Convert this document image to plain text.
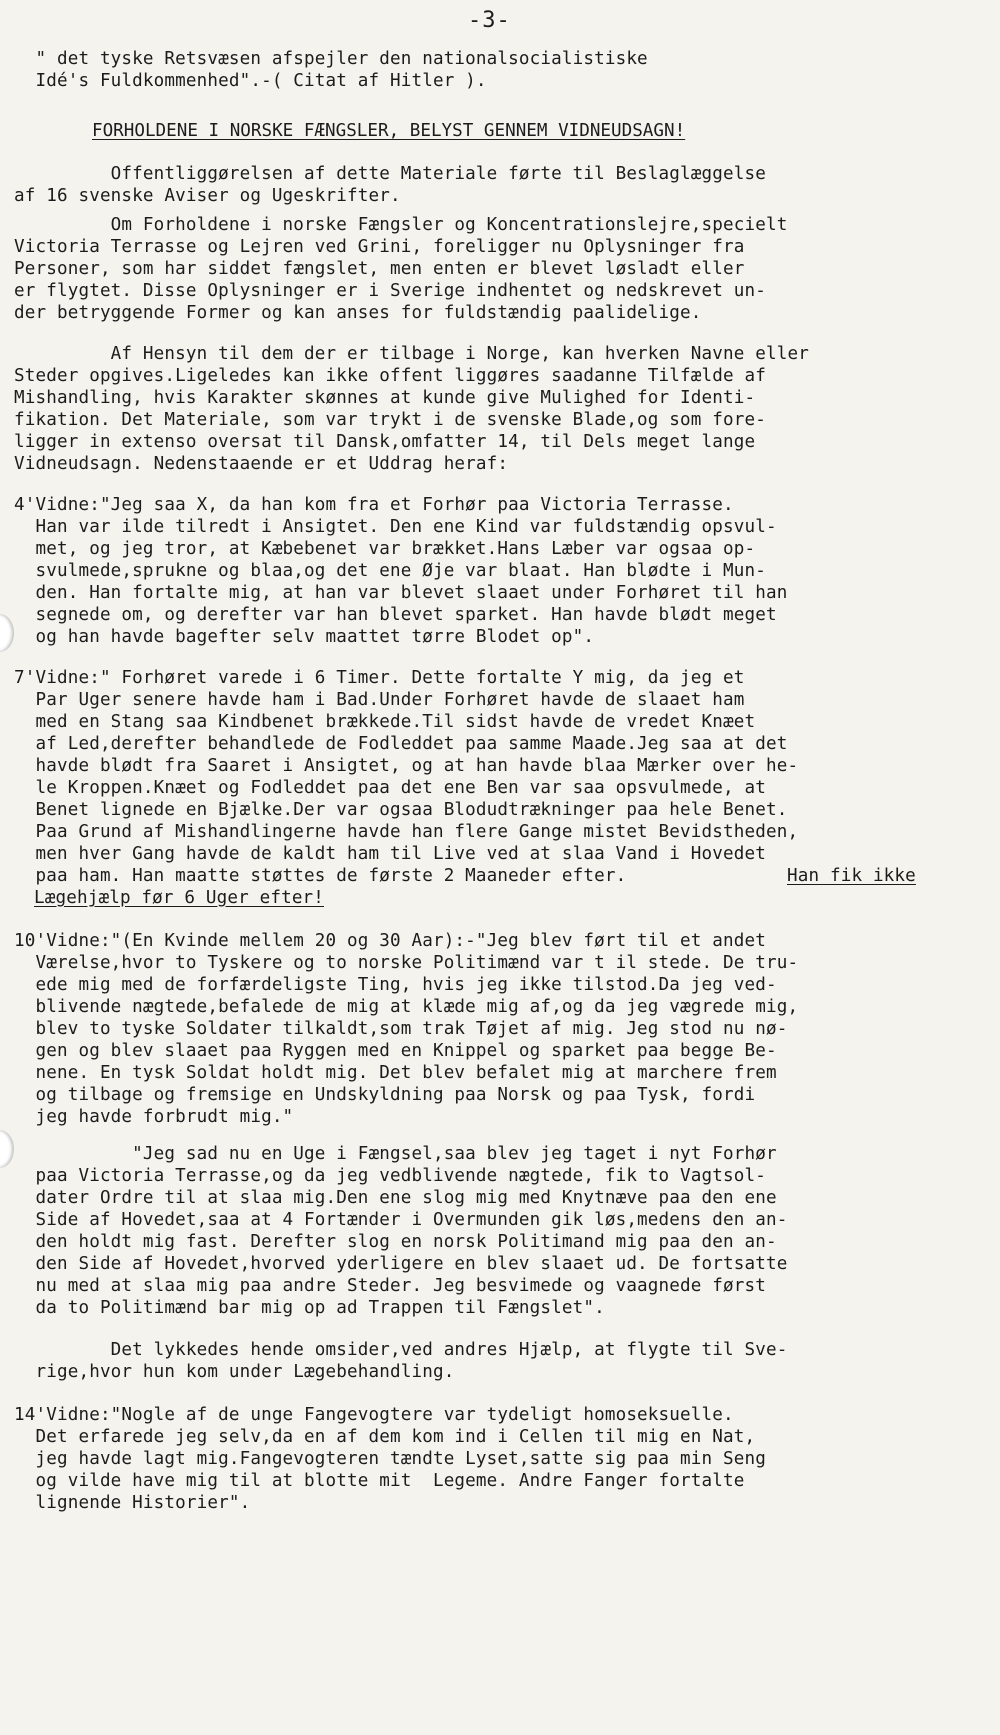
-3-
" det tyske Retsvæsen afspejler den nationalsocialistiske
Idé's Fuldkommenhed".-( Citat af Hitler ).
FORHOLDENE I NORSKE FÆNGSLER, BELYST GENNEM VIDNEUDSAGN!
Offentliggørelsen af dette Materiale førte til Beslaglæggelse
af 16 svenske Aviser og Ugeskrifter.
Om Forholdene i norske Fængsler og Koncentrationslejre,specielt
Victoria Terrasse og Lejren ved Grini, foreligger nu Oplysninger fra
Personer, som har siddet fængslet, men enten er blevet løsladt eller
er flygtet. Disse Oplysninger er i Sverige indhentet og nedskrevet un-
der betryggende Former og kan anses for fuldstændig paalidelige.
Af Hensyn til dem der er tilbage i Norge, kan hverken Navne eller
Steder opgives.Ligeledes kan ikke offent liggøres saadanne Tilfælde af
Mishandling, hvis Karakter skønnes at kunde give Mulighed for Identi-
fikation. Det Materiale, som var trykt i de svenske Blade,og som fore-
ligger in extenso oversat til Dansk,omfatter 14, til Dels meget lange
Vidneudsagn. Nedenstaaende er et Uddrag heraf:
4'Vidne:"Jeg saa X, da han kom fra et Forhør paa Victoria Terrasse.
Han var ilde tilredt i Ansigtet. Den ene Kind var fuldstændig opsvul-
met, og jeg tror, at Kæbebenet var brækket.Hans Læber var ogsaa op-
svulmede,sprukne og blaa,og det ene Øje var blaat. Han blødte i Mun-
den. Han fortalte mig, at han var blevet slaaet under Forhøret til han
segnede om, og derefter var han blevet sparket. Han havde blødt meget
og han havde bagefter selv maattet tørre Blodet op".
7'Vidne:" Forhøret varede i 6 Timer. Dette fortalte Y mig, da jeg et
Par Uger senere havde ham i Bad.Under Forhøret havde de slaaet ham
med en Stang saa Kindbenet brækkede.Til sidst havde de vredet Knæet
af Led,derefter behandlede de Fodleddet paa samme Maade.Jeg saa at det
havde blødt fra Saaret i Ansigtet, og at han havde blaa Mærker over he-
le Kroppen.Knæet og Fodleddet paa det ene Ben var saa opsvulmede, at
Benet lignede en Bjælke.Der var ogsaa Blodudtrækninger paa hele Benet.
Paa Grund af Mishandlingerne havde han flere Gange mistet Bevidstheden,
men hver Gang havde de kaldt ham til Live ved at slaa Vand i Hovedet
paa ham. Han maatte støttes de første 2 Maaneder efter.	Han fik ikke
Lægehjælp før 6 Uger efter!
10'Vidne:"(En Kvinde mellem 20 og 30 Aar):-"Jeg blev ført til et andet
Værelse,hvor to Tyskere og to norske Politimænd var t il stede. De tru-
ede mig med de forfærdeligste Ting, hvis jeg ikke tilstod.Da jeg ved-
blivende nægtede,befalede de mig at klæde mig af,og da jeg vægrede mig,
blev to tyske Soldater tilkaldt,som trak Tøjet af mig. Jeg stod nu nø-
gen og blev slaaet paa Ryggen med en Knippel og sparket paa begge Be-
nene. En tysk Soldat holdt mig. Det blev befalet mig at marchere frem
og tilbage og fremsige en Undskyldning paa Norsk og paa Tysk, fordi
jeg havde forbrudt mig."
"Jeg sad nu en Uge i Fængsel,saa blev jeg taget i nyt Forhør
paa Victoria Terrasse,og da jeg vedblivende nægtede, fik to Vagtsol-
dater Ordre til at slaa mig.Den ene slog mig med Knytnæve paa den ene
Side af Hovedet,saa at 4 Fortænder i Overmunden gik løs,medens den an-
den holdt mig fast. Derefter slog en norsk Politimand mig paa den an-
den Side af Hovedet,hvorved yderligere en blev slaaet ud. De fortsatte
nu med at slaa mig paa andre Steder. Jeg besvimede og vaagnede først
da to Politimænd bar mig op ad Trappen til Fængslet".
Det lykkedes hende omsider,ved andres Hjælp, at flygte til Sve-
rige,hvor hun kom under Lægebehandling.
14'Vidne:"Nogle af de unge Fangevogtere var tydeligt homoseksuelle.
Det erfarede jeg selv,da en af dem kom ind i Cellen til mig en Nat,
jeg havde lagt mig.Fangevogteren tændte Lyset,satte sig paa min Seng
og vilde have mig til at blotte mit  Legeme. Andre Fanger fortalte
lignende Historier".
